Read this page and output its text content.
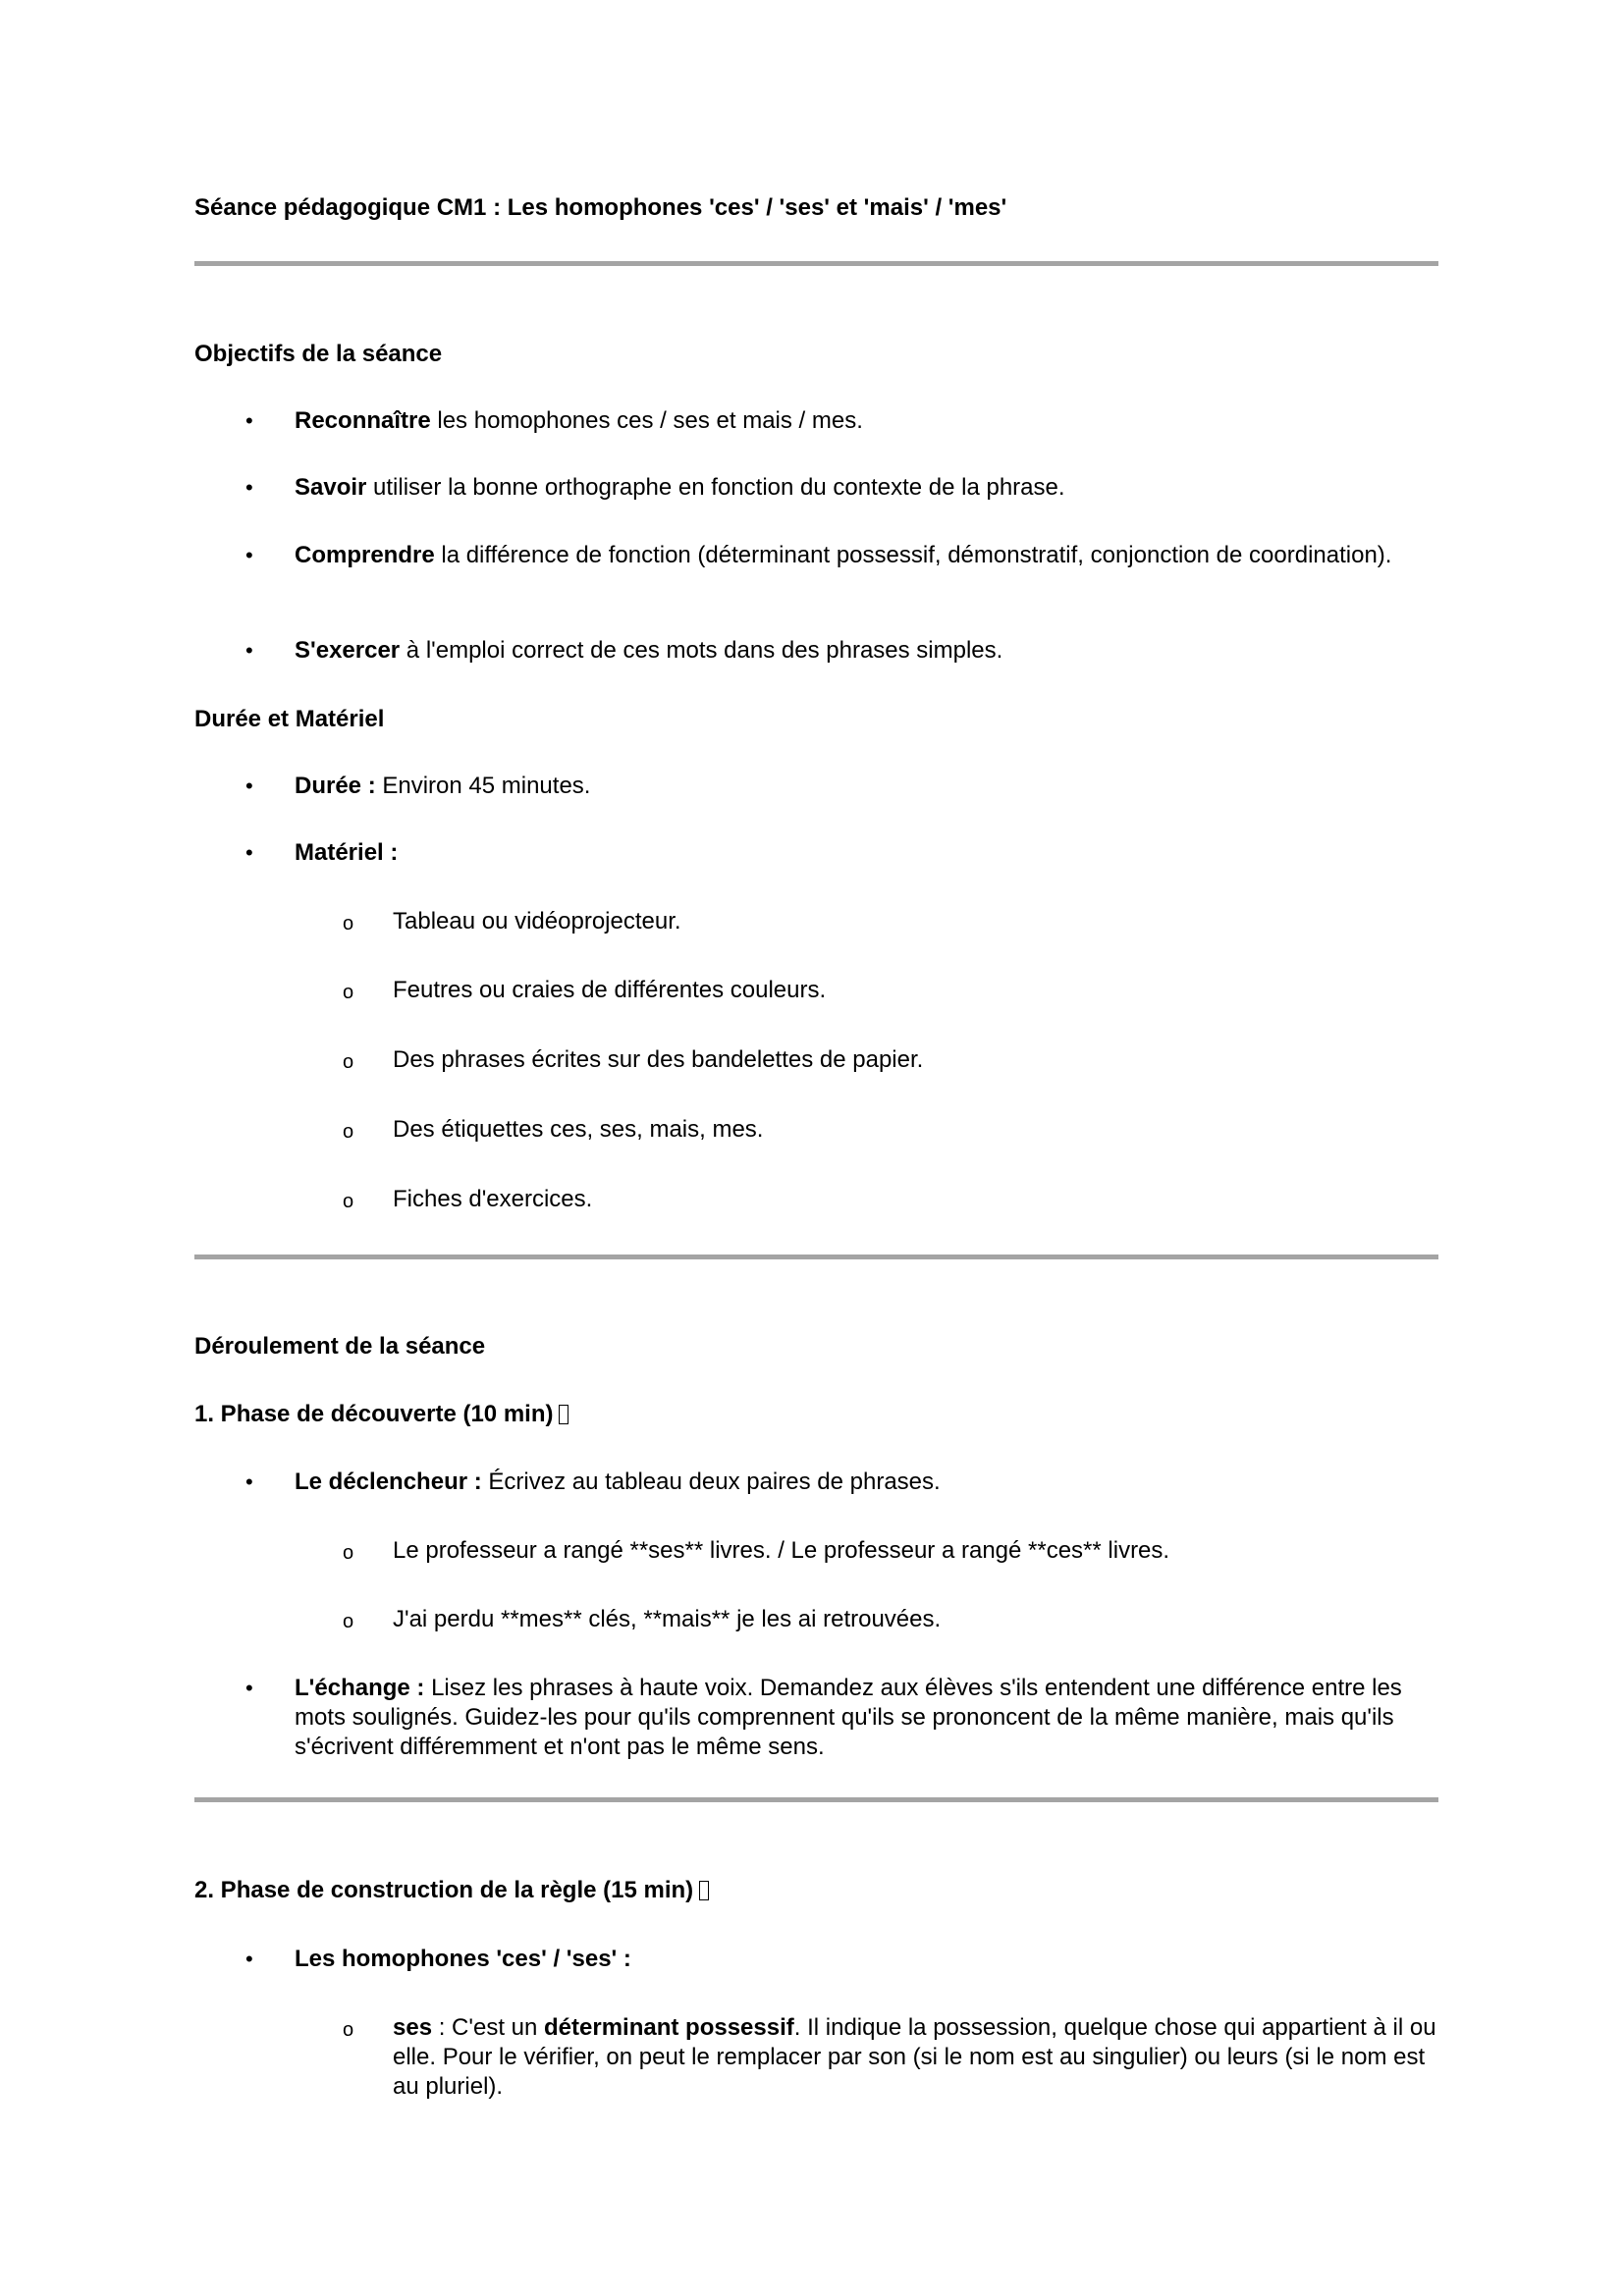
Séance pédagogique CM1 : Les homophones 'ces' / 'ses' et 'mais' / 'mes'
Objectifs de la séance
• Reconnaître les homophones ces / ses et mais / mes.
• Savoir utiliser la bonne orthographe en fonction du contexte de la phrase.
• Comprendre la différence de fonction (déterminant possessif, démonstratif, conjonction de coordination).
• S'exercer à l'emploi correct de ces mots dans des phrases simples.
Durée et Matériel
• Durée : Environ 45 minutes.
• Matériel :
o Tableau ou vidéoprojecteur.
o Feutres ou craies de différentes couleurs.
o Des phrases écrites sur des bandelettes de papier.
o Des étiquettes ces, ses, mais, mes.
o Fiches d'exercices.
Déroulement de la séance
1. Phase de découverte (10 min)
• Le déclencheur : Écrivez au tableau deux paires de phrases.
o Le professeur a rangé **ses** livres. / Le professeur a rangé **ces** livres.
o J'ai perdu **mes** clés, **mais** je les ai retrouvées.
• L'échange : Lisez les phrases à haute voix. Demandez aux élèves s'ils entendent une différence entre les mots soulignés. Guidez-les pour qu'ils comprennent qu'ils se prononcent de la même manière, mais qu'ils s'écrivent différemment et n'ont pas le même sens.
2. Phase de construction de la règle (15 min)
• Les homophones 'ces' / 'ses' :
o ses : C'est un déterminant possessif. Il indique la possession, quelque chose qui appartient à il ou elle. Pour le vérifier, on peut le remplacer par son (si le nom est au singulier) ou leurs (si le nom est au pluriel).
